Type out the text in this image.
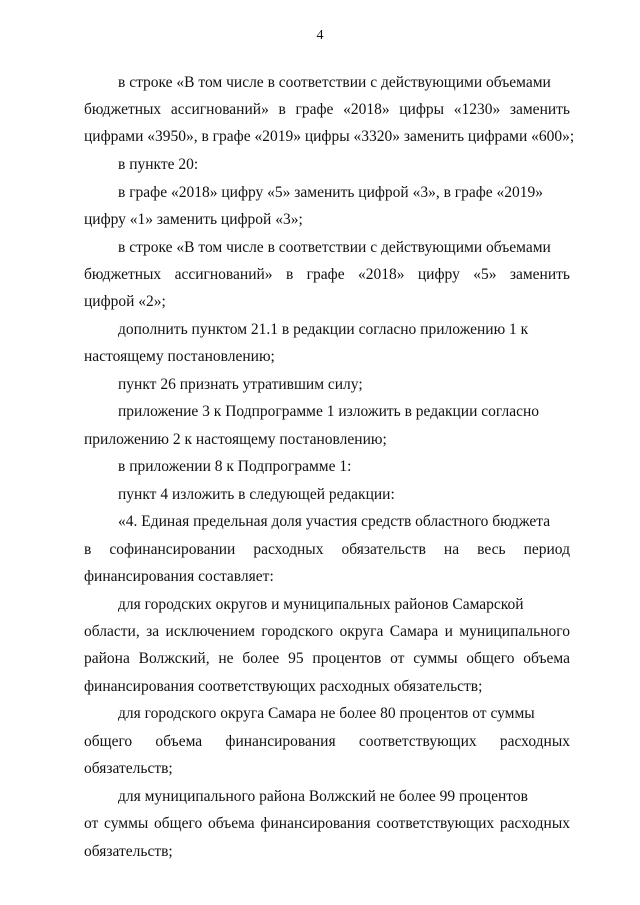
4

в строке «В том числе в соответствии с действующими объемами

бюджетных ассигнований» в графе «2018» цифры «1230» заменить

цифрами «3950», в графе «2019» цифры «3320» заменить цифрами «600»;

в пункте 20:

в графе «2018» цифру «5» заменить цифрой «3», в графе «2019»

цифру «1» заменить цифрой «3»;

в строке «В том числе в соответствии с действующими объемами

бюджетных ассигнований» в графе «2018» цифру «5» заменить

цифрой «2»;

дополнить пунктом 21.1 в редакции согласно приложению 1 к

настоящему постановлению;

пункт 26 признать утратившим силу;

приложение 3 к Подпрограмме 1 изложить в редакции согласно

приложению 2 к настоящему постановлению;

в приложении 8 к Подпрограмме 1:

пункт 4 изложить в следующей редакции:

«4. Единая предельная доля участия средств областного бюджета

в софинансировании расходных обязательств на весь период

финансирования составляет:

для городских округов и муниципальных районов Самарской

области, за исключением городского округа Самара и муниципального

района Волжский, не более 95 процентов от суммы общего объема

финансирования соответствующих расходных обязательств;

для городского округа Самара не более 80 процентов от суммы

общего объема финансирования соответствующих расходных

обязательств;

для муниципального района Волжский не более 99 процентов

от суммы общего объема финансирования соответствующих расходных

обязательств;
